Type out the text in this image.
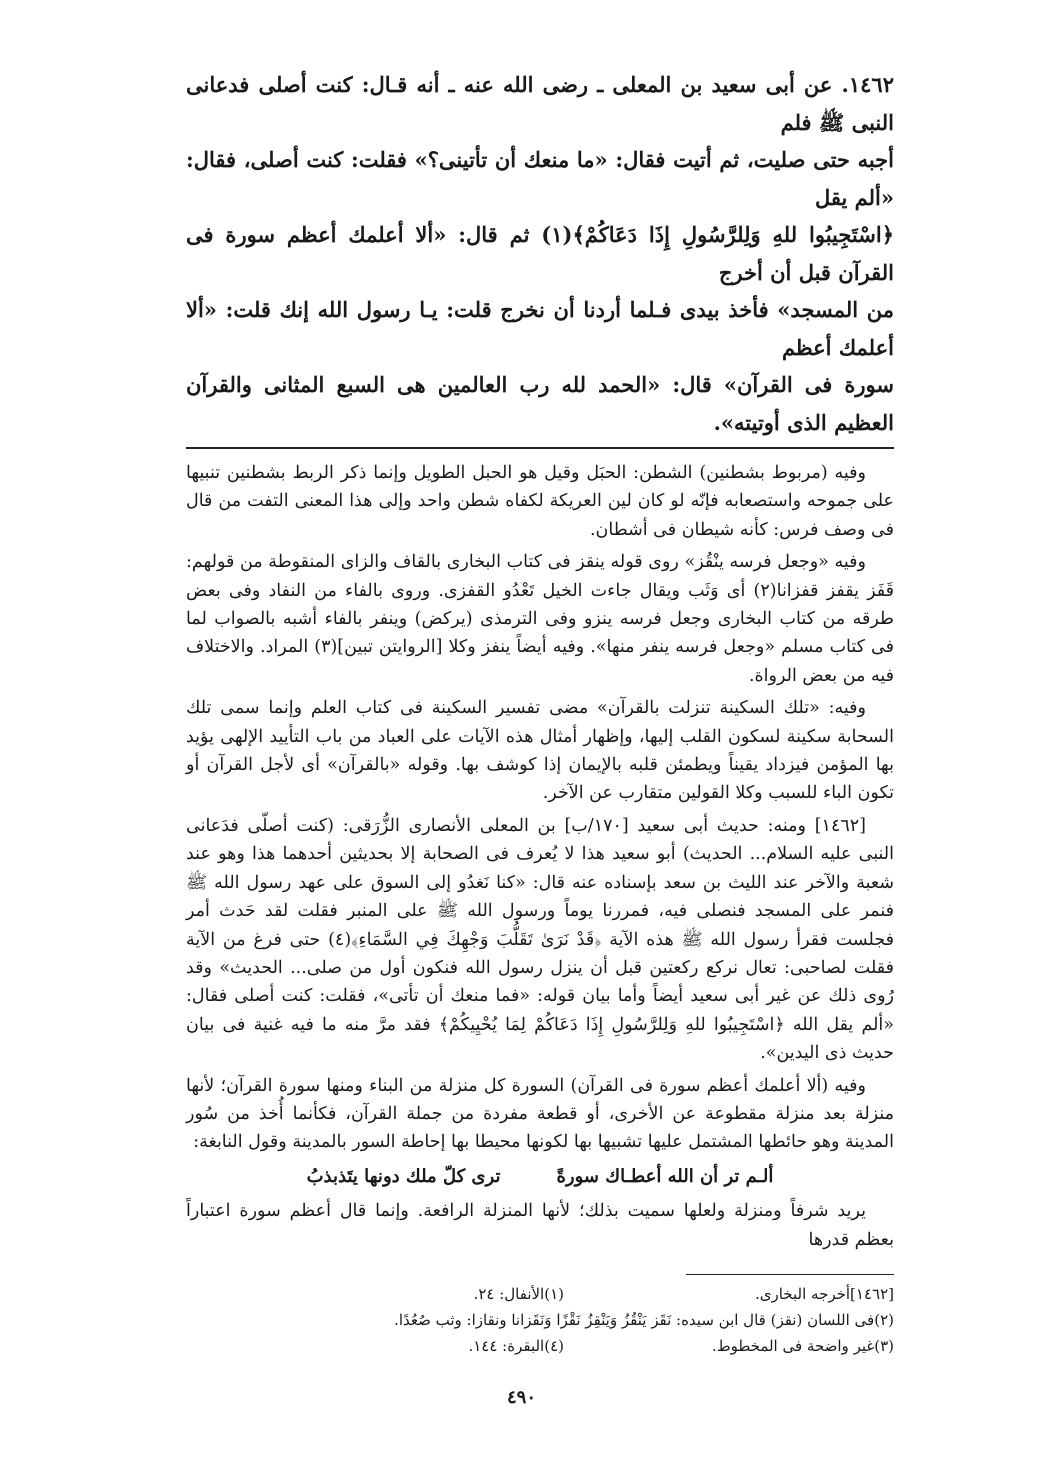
١٤٦٢. عن أبى سعيد بن المعلى ـ رضى الله عنه ـ أنه قـال: كنت أصلى فدعانى النبى ﷺ فلم

أجبه حتى صليت، ثم أتيت فقال: «ما منعك أن تأتينى؟» فقلت: كنت أصلى، فقال: «ألم يقل

﴿اسْتَجِيبُوا للهِ وَلِلرَّسُولِ إِذَا دَعَاكُمْ﴾(١) ثم قال: «ألا أعلمك أعظم سورة فى القرآن قبل أن أخرج

من المسجد» فأخذ بيدى فـلما أردنا أن نخرج قلت: يـا رسول الله إنك قلت: «ألا أعلمك أعظم

سورة فى القرآن» قال: «الحمد لله رب العالمين هى السبع المثانى والقرآن العظيم الذى أوتيته».

وفيه (مربوط بشطنين) الشطن: الحبَل وقيل هو الحبل الطويل وإنما ذكر الربط بشطنين تنبيها على جموحه واستصعابه فإنّه لو كان لين العريكة لكفاه شطن واحد وإلى هذا المعنى التفت من قال فى وصف فرس: كأنه شيطان فى أشطان.

وفيه «وجعل فرسه ينْقُز» روى قوله ينقز فى كتاب البخارى بالقاف والزاى المنقوطة من قولهم: قَفَز يقفز قفزانا(٢) أى وَثَب ويقال جاءت الخيل تَعْدُو القفزى. وروى بالفاء من النفاد وفى بعض طرقه من كتاب البخارى وجعل فرسه ينزو وفى الترمذى (يركض) وينفر بالفاء أشبه بالصواب لما فى كتاب مسلم «وجعل فرسه ينفر منها». وفيه أيضاً ينفز وكلا [الروايتن تبين](٣) المراد. والاختلاف فيه من بعض الرواة.

وفيه: «تلك السكينة تنزلت بالقرآن» مضى تفسير السكينة فى كتاب العلم وإنما سمى تلك السحابة سكينة لسكون القلب إليها، وإظهار أمثال هذه الآيات على العباد من باب التأييد الإلهى يؤيد بها المؤمن فيزداد يقيناً ويطمئن قلبه بالإيمان إذا كوشف بها. وقوله «بالقرآن» أى لأجل القرآن أو تكون الباء للسبب وكلا القولين متقارب عن الآخر.

[١٤٦٢] ومنه: حديث أبى سعيد [١٧٠/ب] بن المعلى الأنصارى الزُّرَقى: (كنت أصلّى فدَعانى النبى عليه السلام... الحديث) أبو سعيد هذا لا يُعرف فى الصحابة إلا بحديثين أحدهما هذا وهو عند شعبة والآخر عند الليث بن سعد بإسناده عنه قال: «كنا نَغدُو إلى السوق على عهد رسول الله ﷺ فنمر على المسجد فنصلى فيه، فمررنا يوماً ورسول الله ﷺ على المنبر فقلت لقد حَدث أمر فجلست فقرأ رسول الله ﷺ هذه الآية ﴿قَدْ نَرَىٰ تَقَلُّبَ وَجْهِكَ فِي السَّمَاءِ﴾(٤) حتى فرغ من الآية فقلت لصاحبى: تعال نركع ركعتين قبل أن ينزل رسول الله فنكون أول من صلى... الحديث» وقد رُوى ذلك عن غير أبى سعيد أيضاً وأما بيان قوله: «فما منعك أن تأتى»، فقلت: كنت أصلى فقال: «ألم يقل الله ﴿اسْتَجِيبُوا للهِ وَلِلرَّسُولِ إِذَا دَعَاكُمْ لِمَا يُحْيِيكُمْ﴾ فقد مرَّ منه ما فيه غنية فى بيان حديث ذى اليدين».

وفيه (ألا أعلمك أعظم سورة فى القرآن) السورة كل منزلة من البناء ومنها سورة القرآن؛ لأنها منزلة بعد منزلة مقطوعة عن الأخرى، أو قطعة مفردة من جملة القرآن، فكأنما أُخذ من سُور المدينة وهو حائطها المشتمل عليها تشبيها بها لكونها محيطا بها إحاطة السور بالمدينة وقول النابغة:

ألـم تر أن الله أعطـاك سورةً
ترى كلّ ملك دونها يتَذبذبُ

يريد شرفاً ومنزلة ولعلها سميت بذلك؛ لأنها المنزلة الرافعة. وإنما قال أعظم سورة اعتباراً بعظم قدرها

[١٤٦٢]أخرجه البخارى.
(١)الأنفال: ٢٤.
(٢)فى اللسان (نقز) قال ابن سيده: نَقَز يَنْقُزُ وَيَنْقِزُ نَقْزًا وَنَقَزانا ونقازا: وثب صُعُدًا.
(٣)غير واضحة فى المخطوط.
(٤)البقرة: ١٤٤.
٤٩٠
